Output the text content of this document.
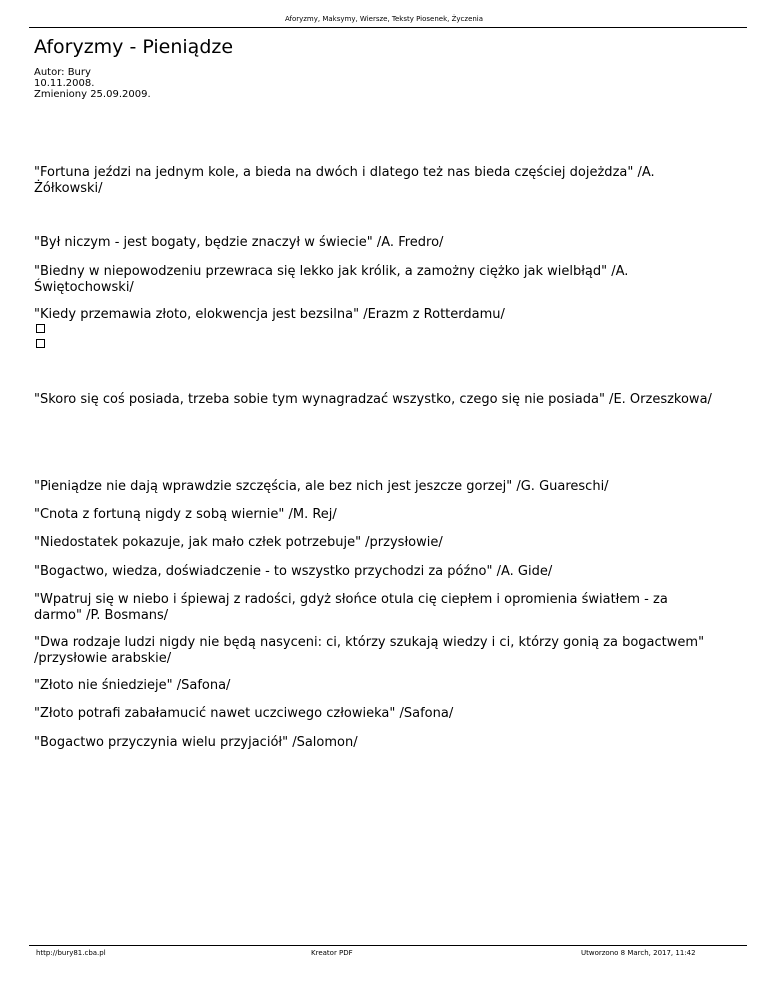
Aforyzmy, Maksymy, Wiersze, Teksty Piosenek, Życzenia
Aforyzmy - Pieniądze
Autor: Bury
10.11.2008.
Zmieniony 25.09.2009.
"Fortuna jeździ na jednym kole, a bieda na dwóch i dlatego też nas bieda częściej dojeżdza" /A. Żółkowski/
"Był niczym - jest bogaty, będzie znaczył w świecie" /A. Fredro/
"Biedny w niepowodzeniu przewraca się lekko jak królik, a zamożny ciężko jak wielbłąd" /A. Świętochowski/
"Kiedy przemawia złoto, elokwencja jest bezsilna" /Erazm z Rotterdamu/
"Skoro się coś posiada, trzeba sobie tym wynagradzać wszystko, czego się nie posiada" /E. Orzeszkowa/
"Pieniądze nie dają wprawdzie szczęścia, ale bez nich jest jeszcze gorzej" /G. Guareschi/
"Cnota z fortuną nigdy z sobą wiernie" /M. Rej/
"Niedostatek pokazuje, jak mało człek potrzebuje" /przysłowie/
"Bogactwo, wiedza, doświadczenie - to wszystko przychodzi za późno" /A. Gide/
"Wpatruj się w niebo i śpiewaj z radości, gdyż słońce otula cię ciepłem i opromienia światłem - za darmo" /P. Bosmans/
"Dwa rodzaje ludzi nigdy nie będą nasyceni: ci, którzy szukają wiedzy i ci, którzy gonią za bogactwem" /przysłowie arabskie/
"Złoto nie śniedzieje" /Safona/
"Złoto potrafi zabałamucić nawet uczciwego człowieka" /Safona/
"Bogactwo przyczynia wielu przyjaciół" /Salomon/
http://bury81.cba.pl	Kreator PDF	Utworzono 8 March, 2017, 11:42
